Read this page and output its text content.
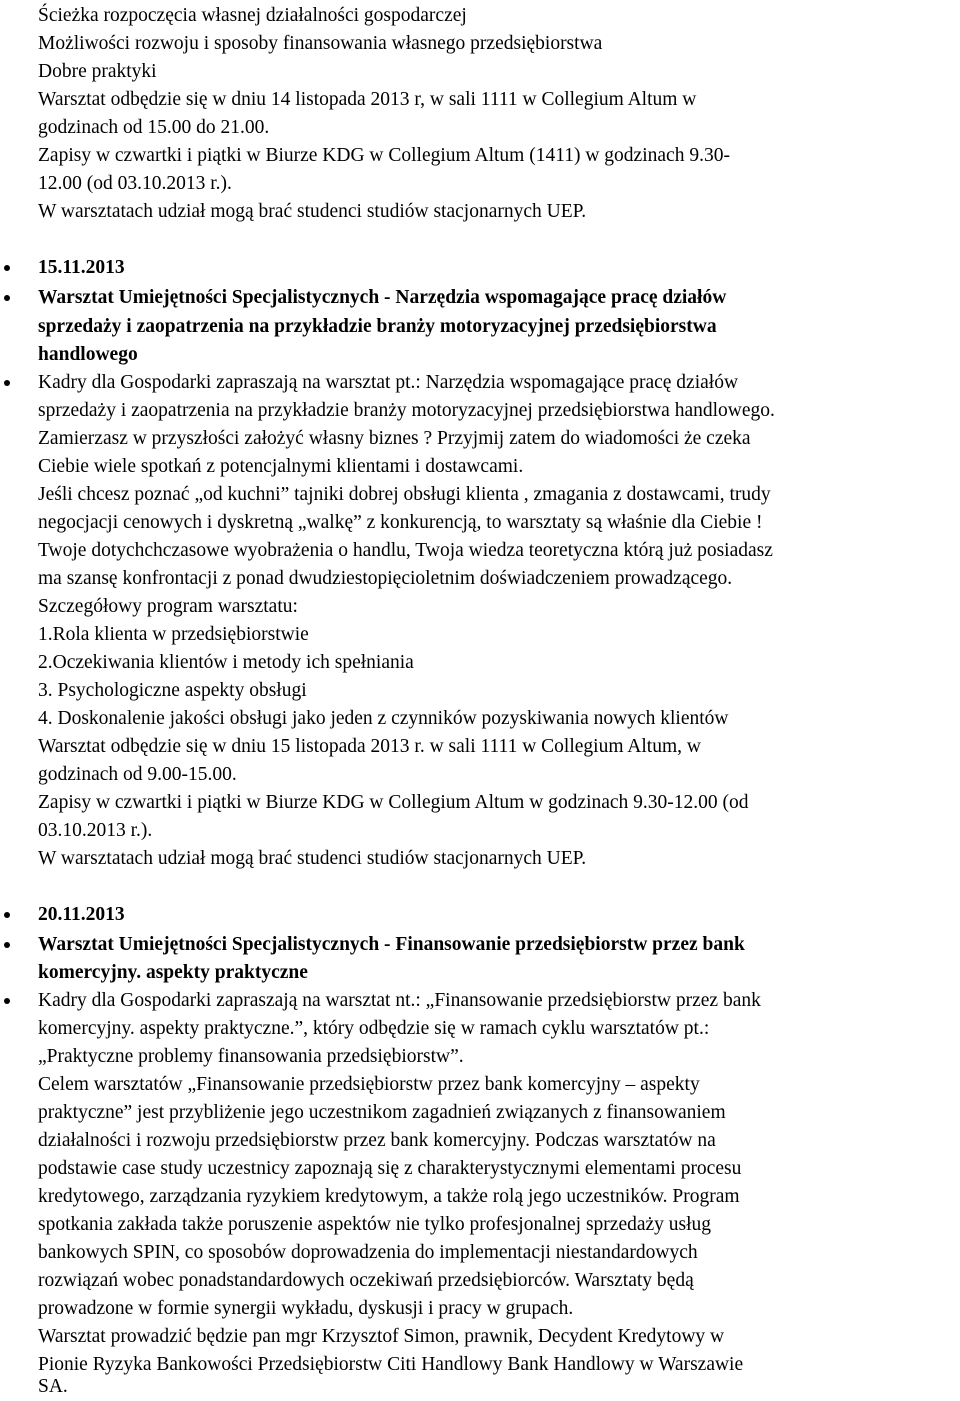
Ścieżka rozpoczęcia własnej działalności gospodarczej
Możliwości rozwoju i sposoby finansowania własnego przedsiębiorstwa
Dobre praktyki
Warsztat odbędzie się w dniu 14 listopada 2013 r, w sali 1111 w Collegium Altum w
godzinach od 15.00 do 21.00.
Zapisy w czwartki i piątki w Biurze KDG w Collegium Altum (1411) w godzinach 9.30-
12.00 (od 03.10.2013 r.).
W warsztatach udział mogą brać studenci studiów stacjonarnych UEP.
15.11.2013
Warsztat Umiejętności Specjalistycznych - Narzędzia wspomagające pracę działów
sprzedaży i zaopatrzenia na przykładzie branży motoryzacyjnej przedsiębiorstwa
handlowego
Kadry dla Gospodarki zapraszają na warsztat pt.: Narzędzia wspomagające pracę działów
sprzedaży i zaopatrzenia na przykładzie branży motoryzacyjnej przedsiębiorstwa handlowego.
Zamierzasz w przyszłości założyć własny biznes ? Przyjmij zatem do wiadomości że czeka
Ciebie wiele spotkań z potencjalnymi klientami i dostawcami.
Jeśli chcesz poznać „od kuchni” tajniki dobrej obsługi klienta , zmagania z dostawcami, trudy
negocjacji cenowych i dyskretną „walkę” z konkurencją, to warsztaty są właśnie dla Ciebie !
Twoje dotychchczasowe wyobrażenia o handlu, Twoja wiedza teoretyczna którą już posiadasz
ma szansę konfrontacji z ponad dwudziestopięcioletnim doświadczeniem prowadzącego.
Szczegółowy program warsztatu:
1.Rola klienta w przedsiębiorstwie
2.Oczekiwania klientów i metody ich spełniania
3. Psychologiczne aspekty obsługi
4. Doskonalenie jakości obsługi jako jeden z czynników pozyskiwania nowych klientów
Warsztat odbędzie się w dniu 15 listopada 2013 r. w sali 1111 w Collegium Altum, w
godzinach od 9.00-15.00.
Zapisy w czwartki i piątki w Biurze KDG w Collegium Altum w godzinach 9.30-12.00 (od
03.10.2013 r.).
W warsztatach udział mogą brać studenci studiów stacjonarnych UEP.
20.11.2013
Warsztat Umiejętności Specjalistycznych - Finansowanie przedsiębiorstw przez bank
komercyjny. aspekty praktyczne
Kadry dla Gospodarki zapraszają na warsztat nt.: „Finansowanie przedsiębiorstw przez bank
komercyjny. aspekty praktyczne.”, który odbędzie się w ramach cyklu warsztatów pt.:
„Praktyczne problemy finansowania przedsiębiorstw”.
Celem warsztatów „Finansowanie przedsiębiorstw przez bank komercyjny – aspekty
praktyczne” jest przybliżenie jego uczestnikom zagadnień związanych z finansowaniem
działalności i rozwoju przedsiębiorstw przez bank komercyjny. Podczas warsztatów na
podstawie case study uczestnicy zapoznają się z charakterystycznymi elementami procesu
kredytowego, zarządzania ryzykiem kredytowym, a także rolą jego uczestników. Program
spotkania zakłada także poruszenie aspektów nie tylko profesjonalnej sprzedaży usług
bankowych SPIN, co sposobów doprowadzenia do implementacji niestandardowych
rozwiązań wobec ponadstandardowych oczekiwań przedsiębiorców. Warsztaty będą
prowadzone w formie synergii wykładu, dyskusji i pracy w grupach.
Warsztat prowadzić będzie pan mgr Krzysztof Simon, prawnik, Decydent Kredytowy w
Pionie Ryzyka Bankowości Przedsiębiorstw Citi Handlowy Bank Handlowy w Warszawie
SA.
